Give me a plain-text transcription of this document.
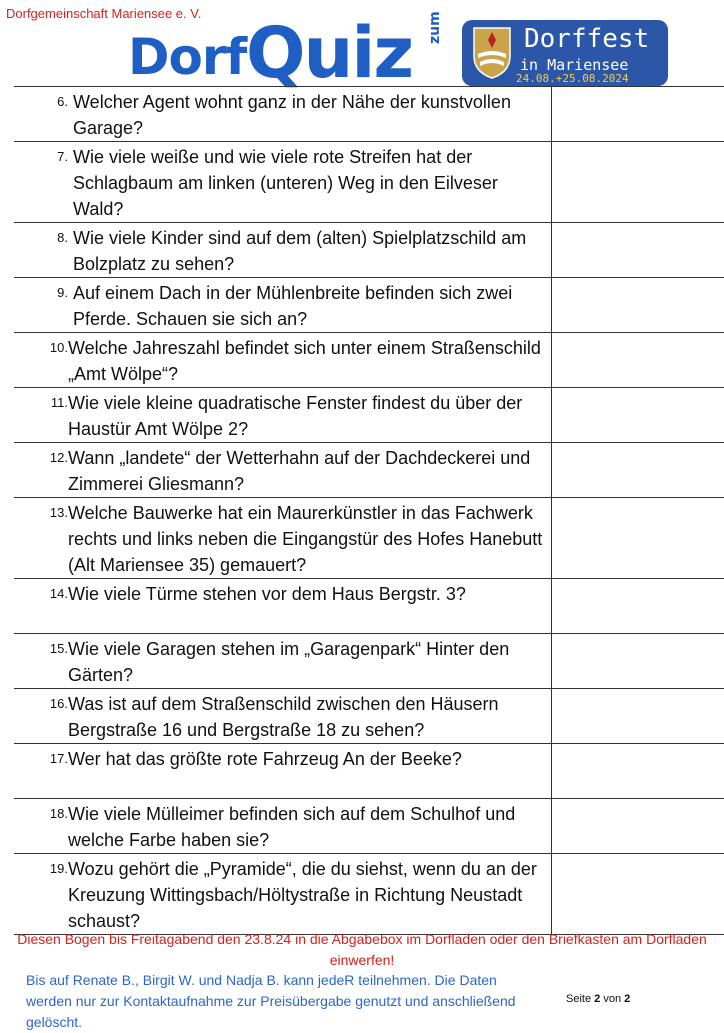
Dorfgemeinschaft Mariensee e. V.
Dorf Quiz zum	Dorffest
in Mariensee
24.08.+25.08.2024
6.
Welcher Agent wohnt ganz in der Nähe der kunstvollen Garage?	

7.
Wie viele weiße und wie viele rote Streifen hat der Schlagbaum am linken (unteren) Weg in den Eilveser Wald?	

8.
Wie viele Kinder sind auf dem (alten) Spielplatzschild am Bolzplatz zu sehen?	

9.
Auf einem Dach in der Mühlenbreite befinden sich zwei Pferde. Schauen sie sich an?	

10. Welche Jahreszahl befindet sich unter einem Straßenschild „Amt Wölpe“?	

11. Wie viele kleine quadratische Fenster findest du über der Haustür Amt Wölpe 2?	

12. Wann „landete“ der Wetterhahn auf der Dachdeckerei und Zimmerei Gliesmann?	

13. Welche Bauwerke hat ein Maurerkünstler in das Fachwerk rechts und links neben die Eingangstür des Hofes Hanebutt (Alt Mariensee 35) gemauert?	

14. Wie viele Türme stehen vor dem Haus Bergstr. 3?	

15. Wie viele Garagen stehen im „Garagenpark“ Hinter den Gärten?	

16. Was ist auf dem Straßenschild zwischen den Häusern Bergstraße 16 und Bergstraße 18 zu sehen?	

17. Wer hat das größte rote Fahrzeug An der Beeke?	

18. Wie viele Mülleimer befinden sich auf dem Schulhof und welche Farbe haben sie?	

19. Wozu gehört die „Pyramide“, die du siehst, wenn du an der Kreuzung Wittingsbach/Höltystraße in Richtung Neustadt schaust?	

Diesen Bogen bis Freitagabend den 23.8.24 in die Abgabebox im Dorfladen oder den Briefkasten am Dorfladen einwerfen!
Bis auf Renate B., Birgit W. und Nadja B. kann jedeR teilnehmen. Die Daten werden nur zur Kontaktaufnahme zur Preisübergabe genutzt und anschließend gelöscht.
Seite 2 von 2
